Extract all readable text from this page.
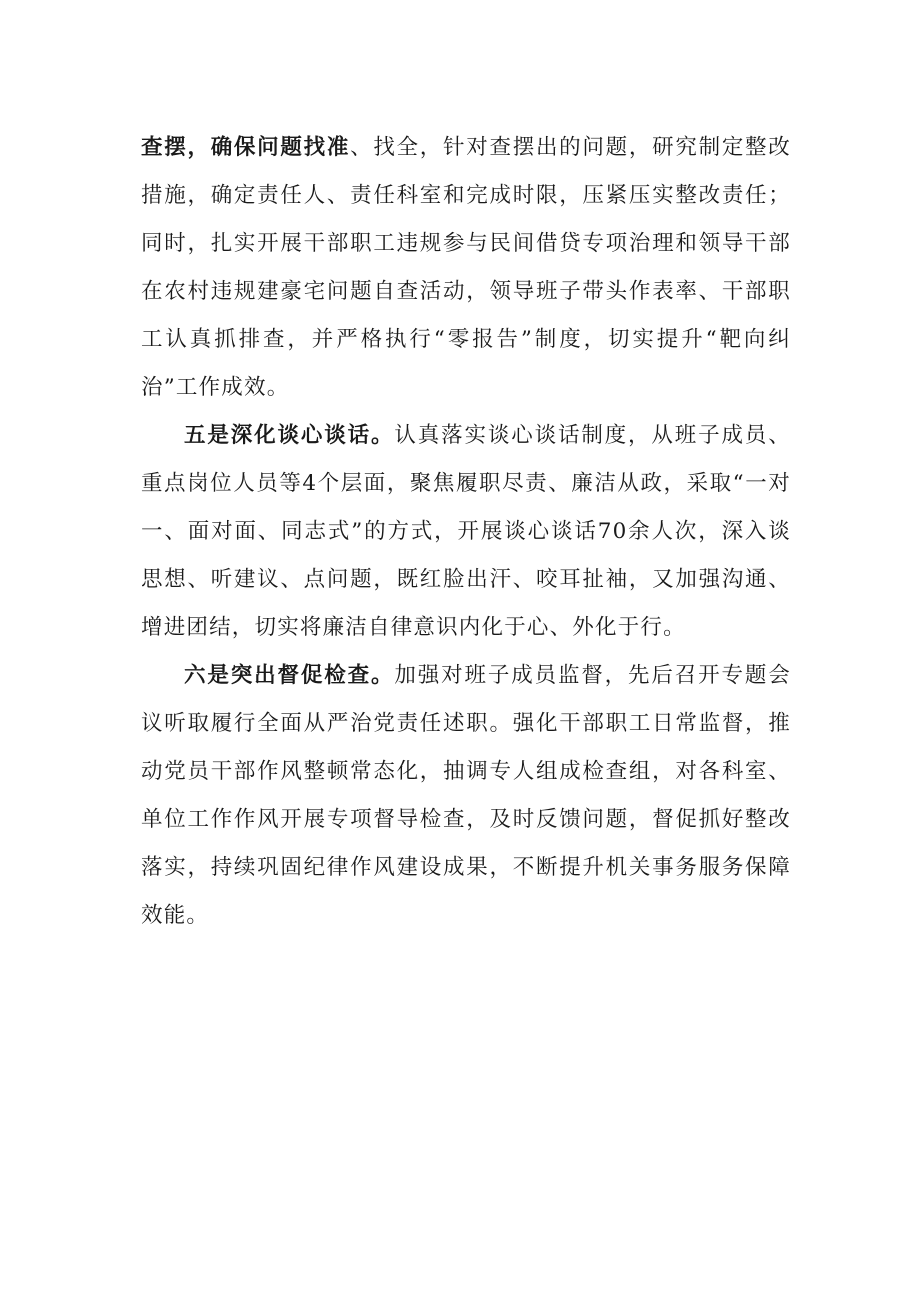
查摆，确保问题找准、找全，针对查摆出的问题，研究制定整改措施，确定责任人、责任科室和完成时限，压紧压实整改责任；同时，扎实开展干部职工违规参与民间借贷专项治理和领导干部在农村违规建豪宅问题自查活动，领导班子带头作表率、干部职工认真抓排查，并严格执行“零报告”制度，切实提升“靶向纠治”工作成效。

五是深化谈心谈话。认真落实谈心谈话制度，从班子成员、重点岗位人员等4个层面，聚焦履职尽责、廉洁从政，采取“一对一、面对面、同志式”的方式，开展谈心谈话70余人次，深入谈思想、听建议、点问题，既红脸出汗、咬耳扯袖，又加强沟通、增进团结，切实将廉洁自律意识内化于心、外化于行。

六是突出督促检查。加强对班子成员监督，先后召开专题会议听取履行全面从严治党责任述职。强化干部职工日常监督，推动党员干部作风整顿常态化，抽调专人组成检查组，对各科室、单位工作作风开展专项督导检查，及时反馈问题，督促抓好整改落实，持续巩固纪律作风建设成果，不断提升机关事务服务保障效能。
